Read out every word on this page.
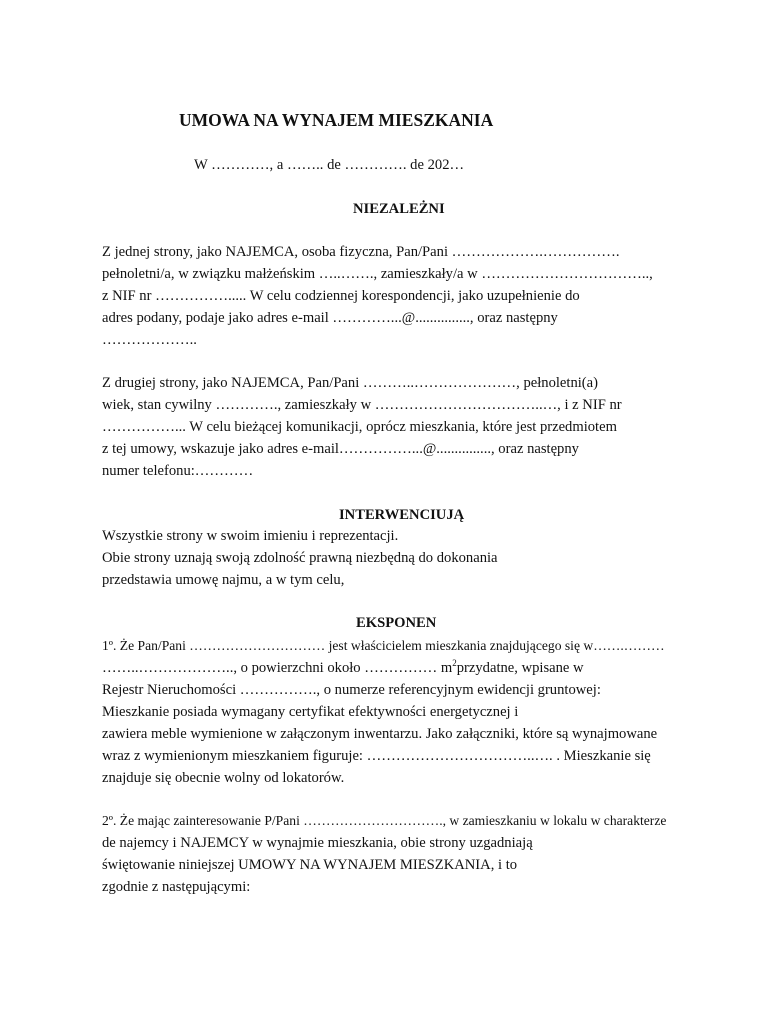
UMOWA NA WYNAJEM MIESZKANIA
W …………, a …….. de …………. de 202…
NIEZALEŻNI
Z jednej strony, jako NAJEMCA, osoba fizyczna, Pan/Pani ……………….…………….
pełnoletni/a, w związku małżeńskim …..……., zamieszkały/a w ……………………………..,
z NIF nr ……………..... W celu codziennej korespondencji, jako uzupełnienie do
adres podany, podaje jako adres e-mail …………...@..............., oraz następny
………………..
Z drugiej strony, jako NAJEMCA, Pan/Pani ………..…………………, pełnoletni(a)
wiek, stan cywilny …………., zamieszkały w ……………………………..…, i z NIF nr
……………... W celu bieżącej komunikacji, oprócz mieszkania, które jest przedmiotem
z tej umowy, wskazuje jako adres e-mail……………...@..............., oraz następny
numer telefonu:…………
INTERWENCIUJĄ
Wszystkie strony w swoim imieniu i reprezentacji.
Obie strony uznają swoją zdolność prawną niezbędną do dokonania
przedstawia umowę najmu, a w tym celu,
EKSPONEN
1º. Że Pan/Pani ………………………… jest właścicielem mieszkania znajdującego się w…….………
……..……………….., o powierzchni około …………… $m^2przydatne$, wpisane w
Rejestr Nieruchomości ……………., o numerze referencyjnym ewidencji gruntowej:
Mieszkanie posiada wymagany certyfikat efektywności energetycznej i
zawiera meble wymienione w załączonym inwentarzu. Jako załączniki, które są wynajmowane
wraz z wymienionym mieszkaniem figuruje: ……………………………..…. . Mieszkanie się
znajduje się obecnie wolny od lokatorów.
2º. Że mając zainteresowanie P/Pani …………………………., w zamieszkaniu w lokalu w charakterze
de najemcy i NAJEMCY w wynajmie mieszkania, obie strony uzgadniają
świętowanie niniejszej UMOWY NA WYNAJEM MIESZKANIA, i to
zgodnie z następującymi:
